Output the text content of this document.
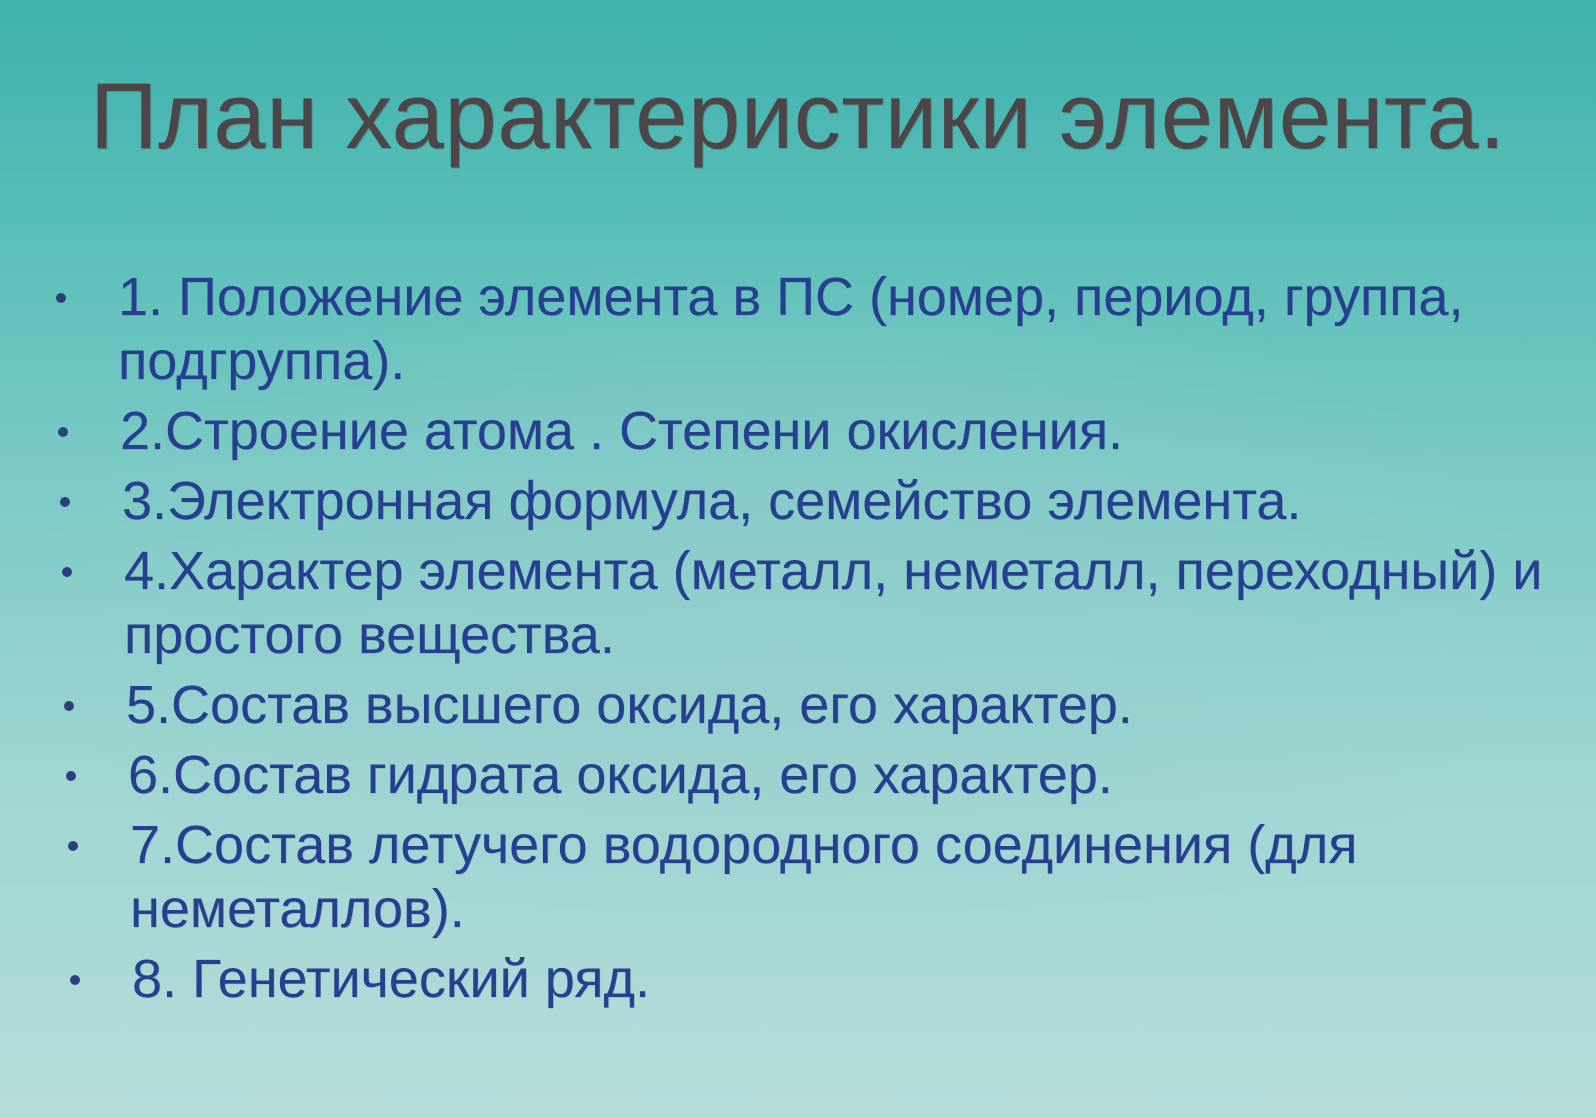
План характеристики элемента.
1. Положение элемента в ПС (номер, период, группа, подгруппа).
2.Строение атома . Степени окисления.
3.Электронная формула, семейство элемента.
4.Характер элемента (металл, неметалл, переходный) и простого вещества.
5.Состав высшего оксида, его характер.
6.Состав гидрата оксида, его характер.
7.Состав летучего водородного соединения (для неметаллов).
8. Генетический ряд.
